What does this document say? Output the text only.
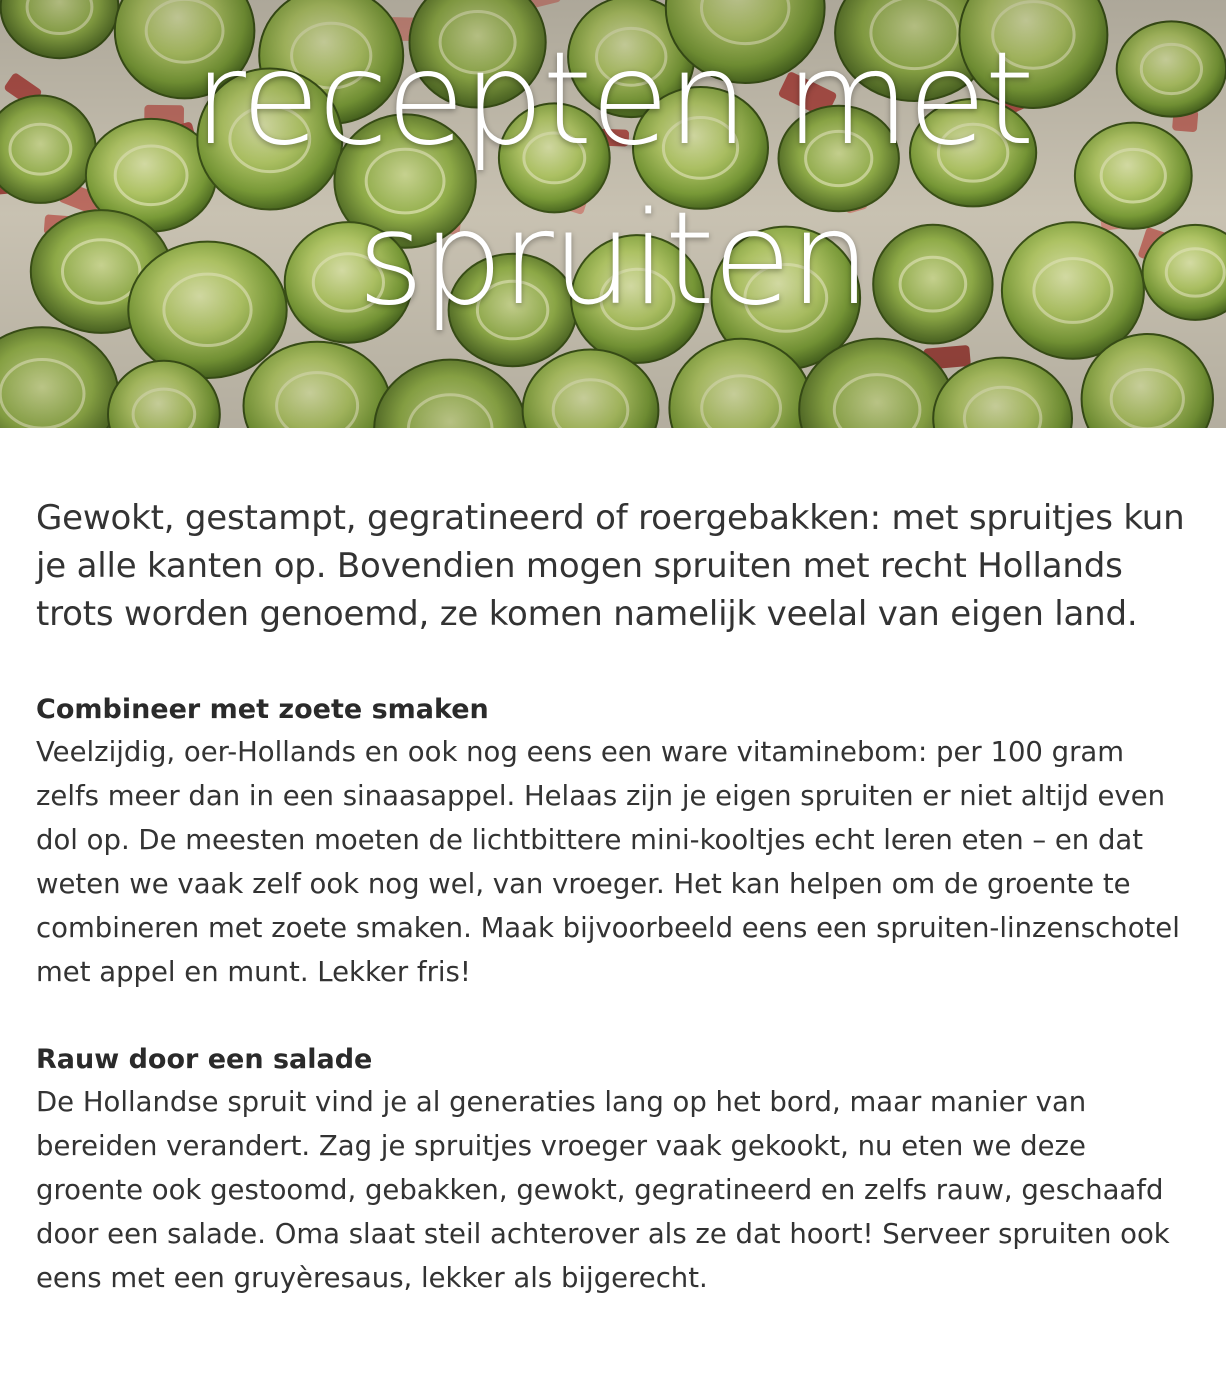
recepten met
spruiten

Gewokt, gestampt, gegratineerd of roergebakken: met spruitjes kun je alle kanten op. Bovendien mogen spruiten met recht Hollands trots worden genoemd, ze komen namelijk veelal van eigen land.

Combineer met zoete smaken

Veelzijdig, oer-Hollands en ook nog eens een ware vitaminebom: per 100 gram zelfs meer dan in een sinaasappel. Helaas zijn je eigen spruiten er niet altijd even dol op. De meesten moeten de lichtbittere mini-kooltjes echt leren eten – en dat weten we vaak zelf ook nog wel, van vroeger. Het kan helpen om de groente te combineren met zoete smaken. Maak bijvoorbeeld eens een spruiten-linzenschotel met appel en munt. Lekker fris!

Rauw door een salade

De Hollandse spruit vind je al generaties lang op het bord, maar manier van bereiden verandert. Zag je spruitjes vroeger vaak gekookt, nu eten we deze groente ook gestoomd, gebakken, gewokt, gegratineerd en zelfs rauw, geschaafd door een salade. Oma slaat steil achterover als ze dat hoort! Serveer spruiten ook eens met een gruyèresaus, lekker als bijgerecht.
